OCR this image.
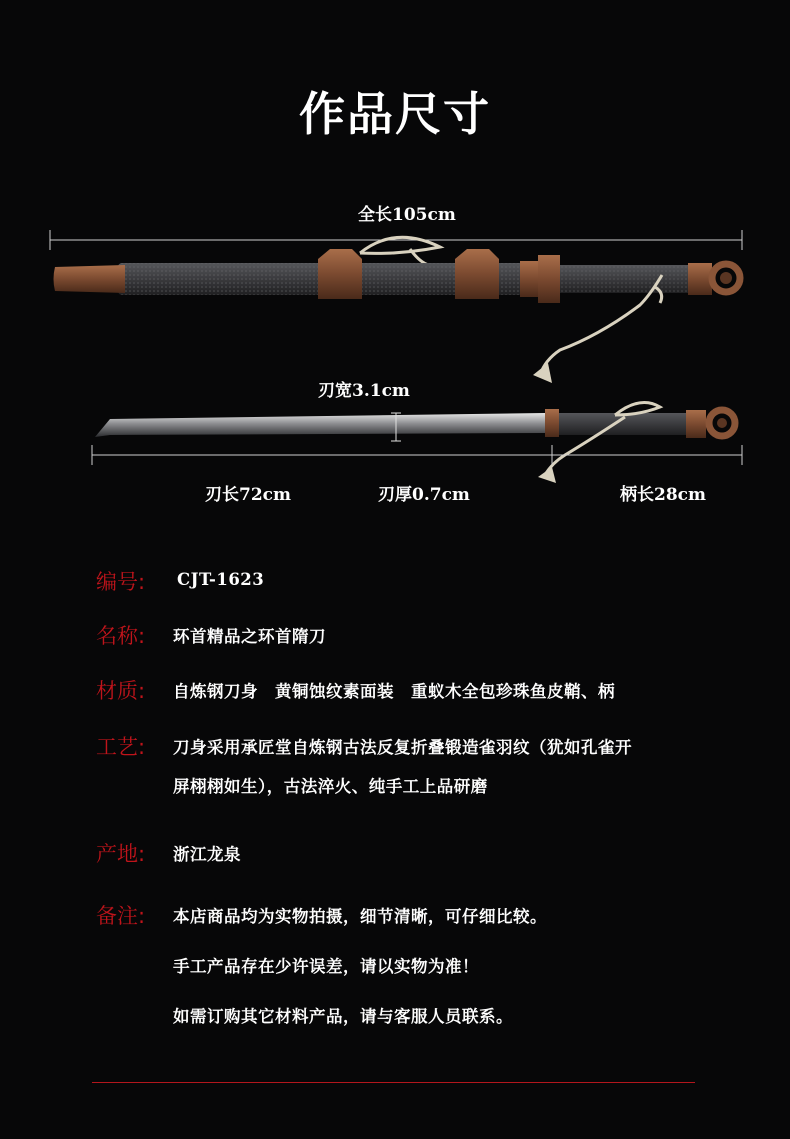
作品尺寸
全长105cm
刃宽3.1cm
刃长72cm	刃厚0.7cm	柄长28cm
编号: CJT-1623
名称: 环首精品之环首隋刀
材质: 自炼钢刀身　黄铜蚀纹素面装　重蚁木全包珍珠鱼皮鞘、柄
工艺: 刀身采用承匠堂自炼钢古法反复折叠锻造雀羽纹（犹如孔雀开
屏栩栩如生），古法淬火、纯手工上品研磨
产地: 浙江龙泉
备注: 本店商品均为实物拍摄，细节清晰，可仔细比较。
手工产品存在少许误差，请以实物为准！
如需订购其它材料产品，请与客服人员联系。
